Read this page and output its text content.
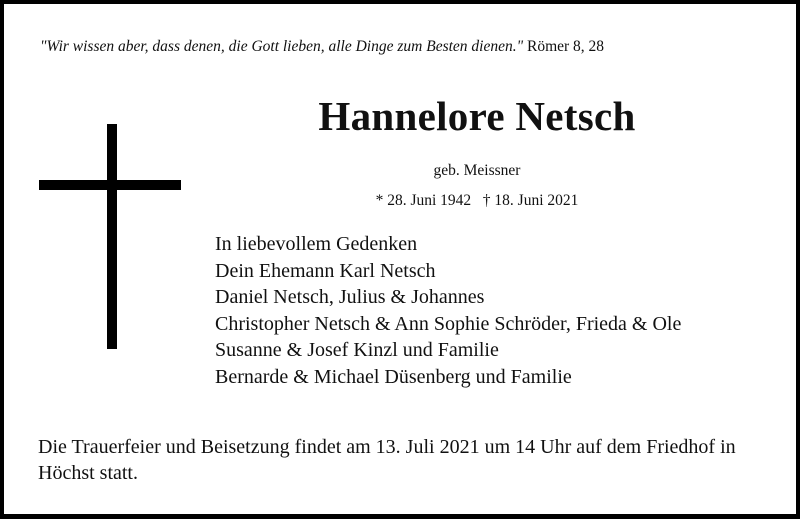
"Wir wissen aber, dass denen, die Gott lieben, alle Dinge zum Besten dienen." Römer 8, 28
Hannelore Netsch
geb. Meissner
* 28. Juni 1942   † 18. Juni 2021
In liebevollem Gedenken
Dein Ehemann Karl Netsch
Daniel Netsch, Julius & Johannes
Christopher Netsch & Ann Sophie Schröder, Frieda & Ole
Susanne & Josef Kinzl und Familie
Bernarde & Michael Düsenberg und Familie
Die Trauerfeier und Beisetzung findet am 13. Juli 2021 um 14 Uhr auf dem Friedhof in Höchst statt.
